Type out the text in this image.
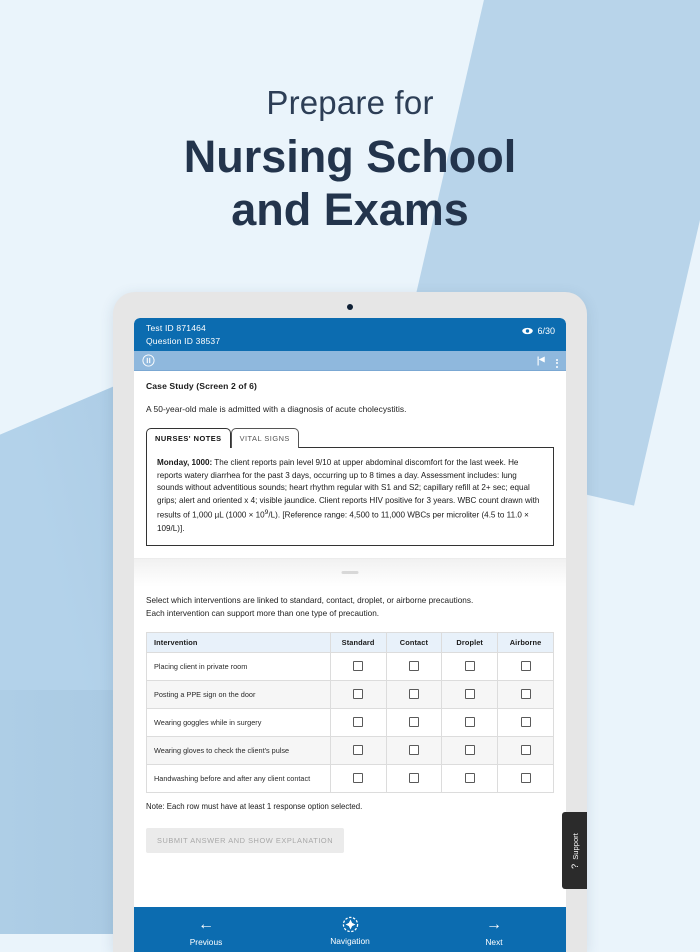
Prepare for
Nursing School
and Exams
Test ID 871464
Question ID 38537
6/30
Case Study (Screen 2 of 6)
A 50-year-old male is admitted with a diagnosis of acute cholecystitis.
NURSES' NOTES	VITAL SIGNS
Monday, 1000: The client reports pain level 9/10 at upper abdominal discomfort for the last week. He reports watery diarrhea for the past 3 days, occurring up to 8 times a day. Assessment includes: lung sounds without adventitious sounds; heart rhythm regular with S1 and S2; capillary refill at 2+ sec; equal grips; alert and oriented x 4; visible jaundice. Client reports HIV positive for 3 years. WBC count drawn with results of 1,000 µL $(1000 \times 10^9/L)$. [Reference range: 4,500 to 11,000 WBCs per microliter (4.5 to 11.0 × 109/L)].
Select which interventions are linked to standard, contact, droplet, or airborne precautions.
Each intervention can support more than one type of precaution.
Intervention	Standard	Contact	Droplet	Airborne
Placing client in private room				
Posting a PPE sign on the door				
Wearing goggles while in surgery				
Wearing gloves to check the client's pulse				
Handwashing before and after any client contact				
Note: Each row must have at least 1 response option selected.
SUBMIT ANSWER AND SHOW EXPLANATION
←
Previous	Navigation
→
Next
?
Support
